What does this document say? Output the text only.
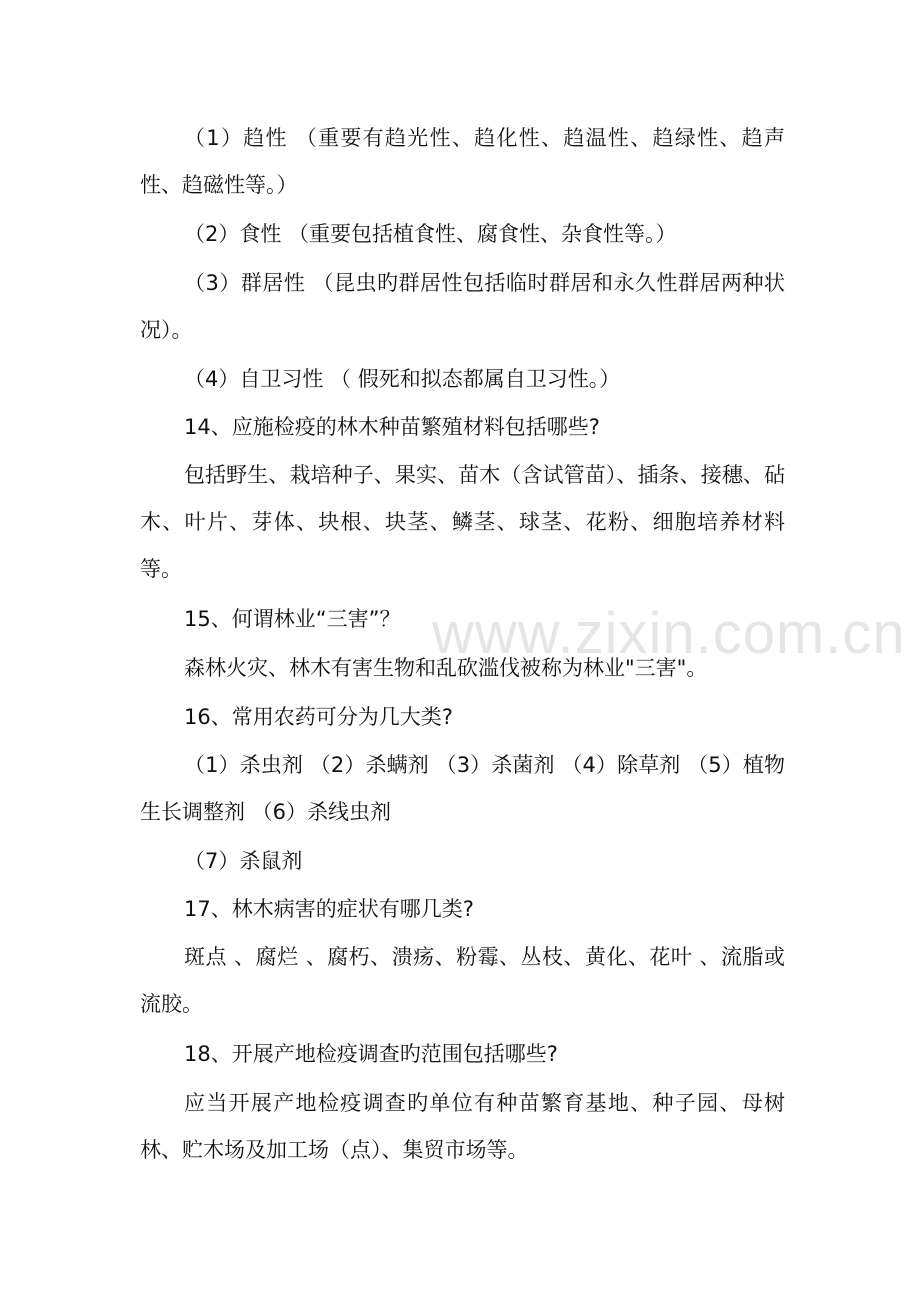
（1）趋性 （重要有趋光性、趋化性、趋温性、趋绿性、趋声性、趋磁性等。）

（2）食性 （重要包括植食性、腐食性、杂食性等。）

（3）群居性 （昆虫旳群居性包括临时群居和永久性群居两种状况）。

（4）自卫习性 （ 假死和拟态都属自卫习性。）

14、应施检疫的林木种苗繁殖材料包括哪些?

包括野生、栽培种子、果实、苗木（含试管苗）、插条、接穗、砧木、叶片、芽体、块根、块茎、鳞茎、球茎、花粉、细胞培养材料等。

15、何谓林业“三害”？

森林火灾、林木有害生物和乱砍滥伐被称为林业"三害"。

16、常用农药可分为几大类?

（1）杀虫剂 （2）杀螨剂 （3）杀菌剂 （4）除草剂 （5）植物生长调整剂 （6）杀线虫剂

（7）杀鼠剂

17、林木病害的症状有哪几类?

斑点 、腐烂 、腐朽、溃疡、粉霉、丛枝、黄化、花叶 、流脂或流胶。

18、开展产地检疫调查旳范围包括哪些?

应当开展产地检疫调查旳单位有种苗繁育基地、种子园、母树林、贮木场及加工场（点）、集贸市场等。

www.zixin.com.cn
